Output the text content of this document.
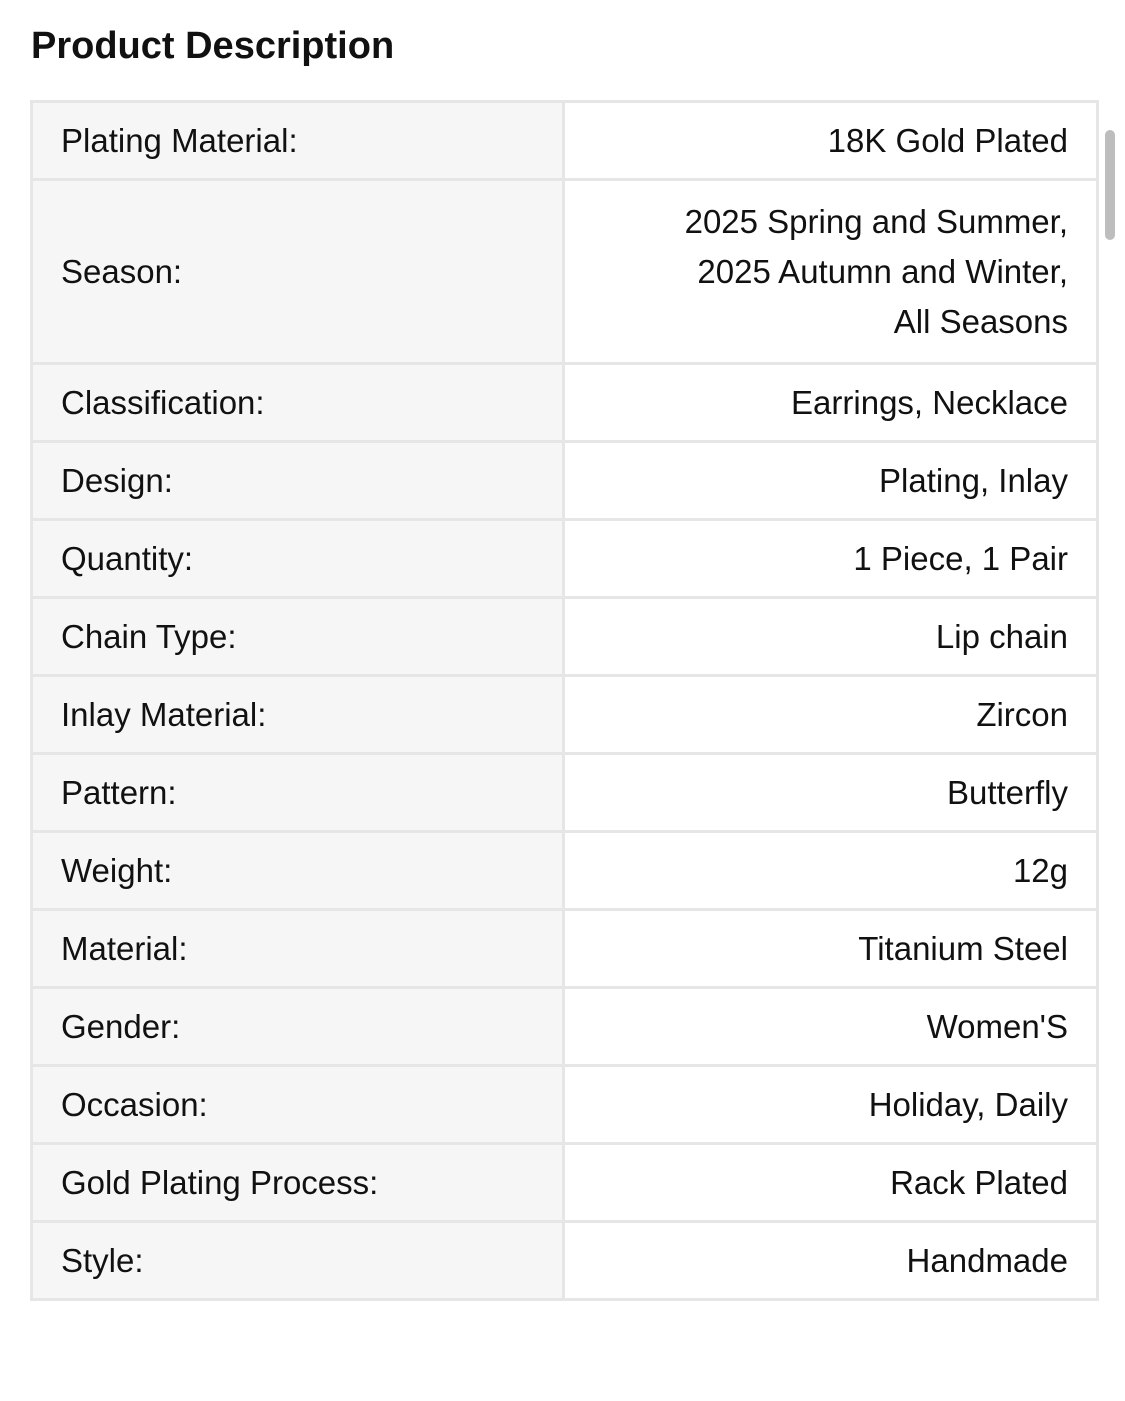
Product Description
Plating Material:	18K Gold Plated
Season:	2025 Spring and Summer,
2025 Autumn and Winter,
All Seasons

Classification:	Earrings, Necklace
Design:	Plating, Inlay
Quantity:	1 Piece, 1 Pair
Chain Type:	Lip chain
Inlay Material:	Zircon
Pattern:	Butterfly
Weight:	12g
Material:	Titanium Steel
Gender:	Women'S
Occasion:	Holiday, Daily
Gold Plating Process:	Rack Plated
Style:	Handmade
